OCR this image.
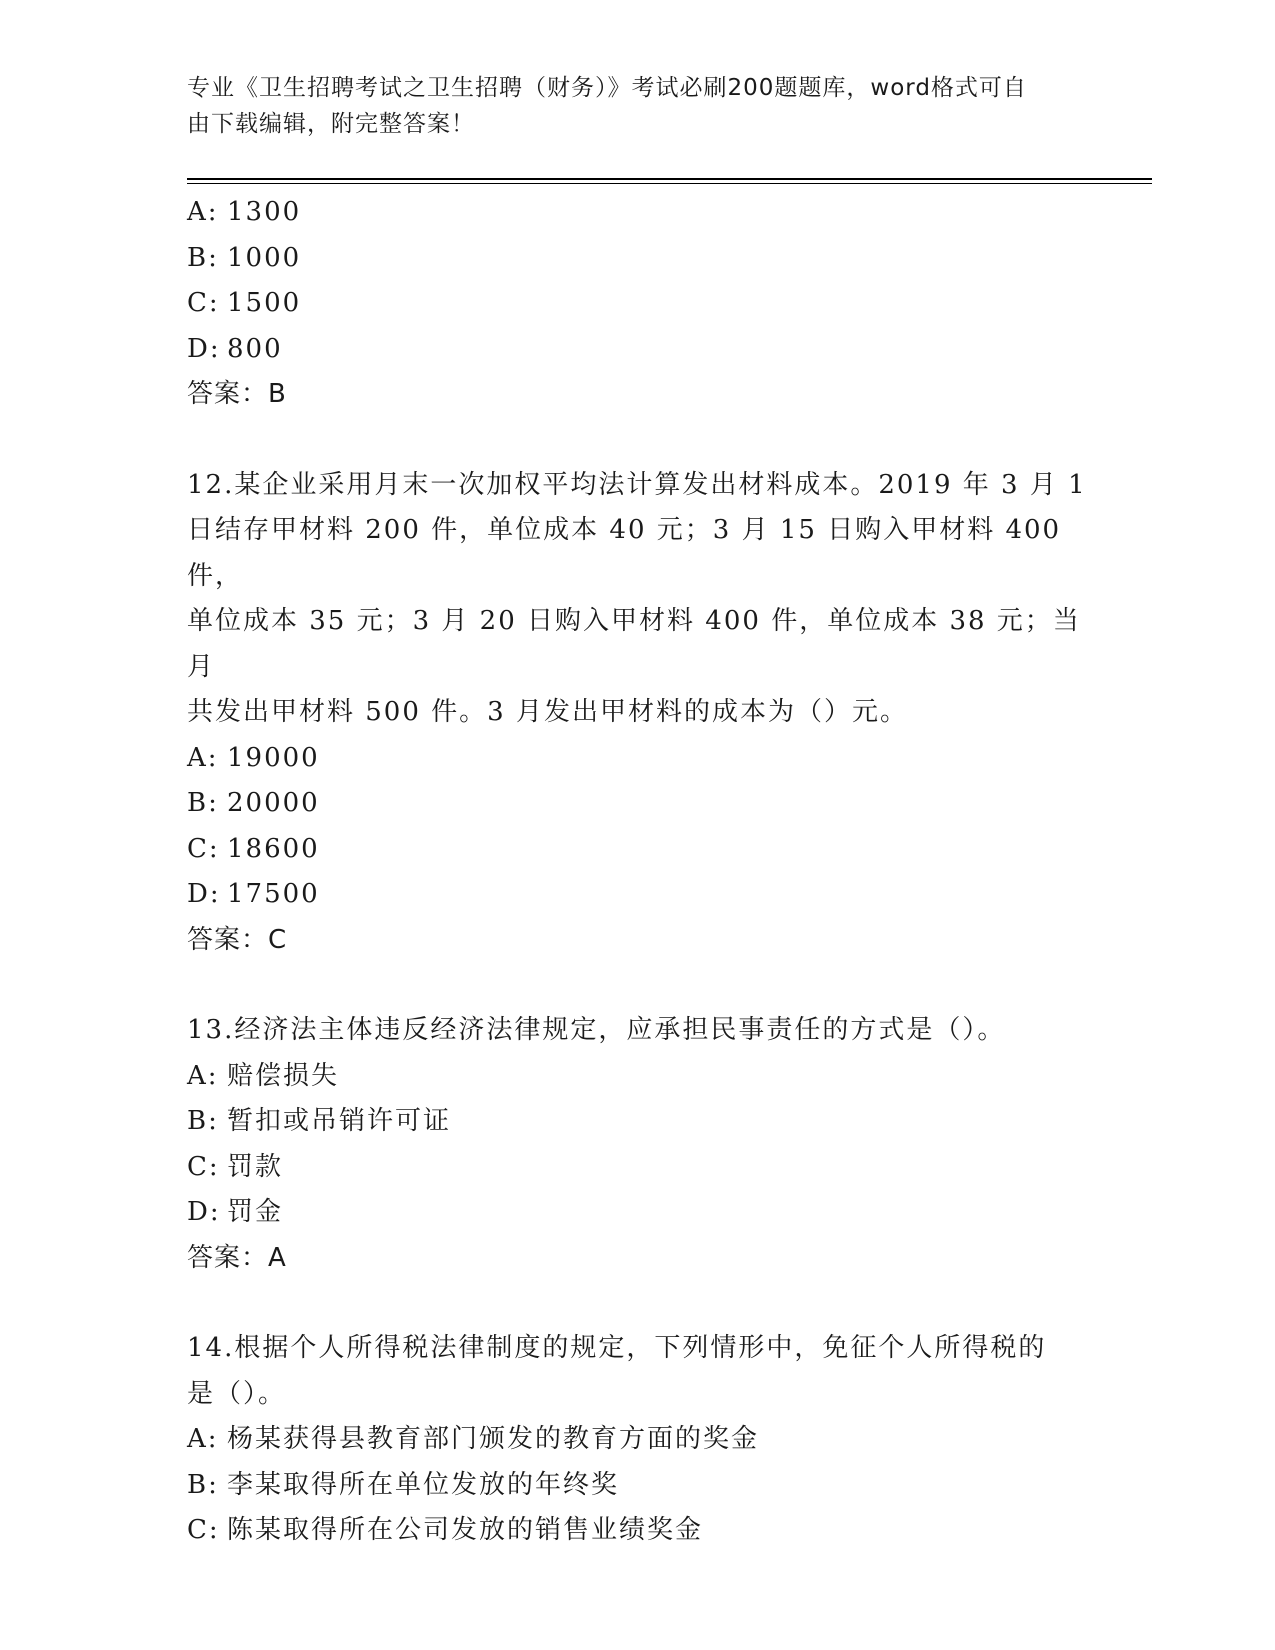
专业《卫生招聘考试之卫生招聘（财务）》考试必刷200题题库，word格式可自
由下载编辑，附完整答案！
A: 1300
B: 1000
C: 1500
D: 800
答案：B
12.某企业采用月末一次加权平均法计算发出材料成本。2019 年 3 月 1
日结存甲材料 200 件，单位成本 40 元；3 月 15 日购入甲材料 400 件，
单位成本 35 元；3 月 20 日购入甲材料 400 件，单位成本 38 元；当月
共发出甲材料 500 件。3 月发出甲材料的成本为（）元。
A: 19000
B: 20000
C: 18600
D: 17500
答案：C
13.经济法主体违反经济法律规定，应承担民事责任的方式是（）。
A: 赔偿损失
B: 暂扣或吊销许可证
C: 罚款
D: 罚金
答案：A
14.根据个人所得税法律制度的规定，下列情形中，免征个人所得税的
是（）。
A: 杨某获得县教育部门颁发的教育方面的奖金
B: 李某取得所在单位发放的年终奖
C: 陈某取得所在公司发放的销售业绩奖金
